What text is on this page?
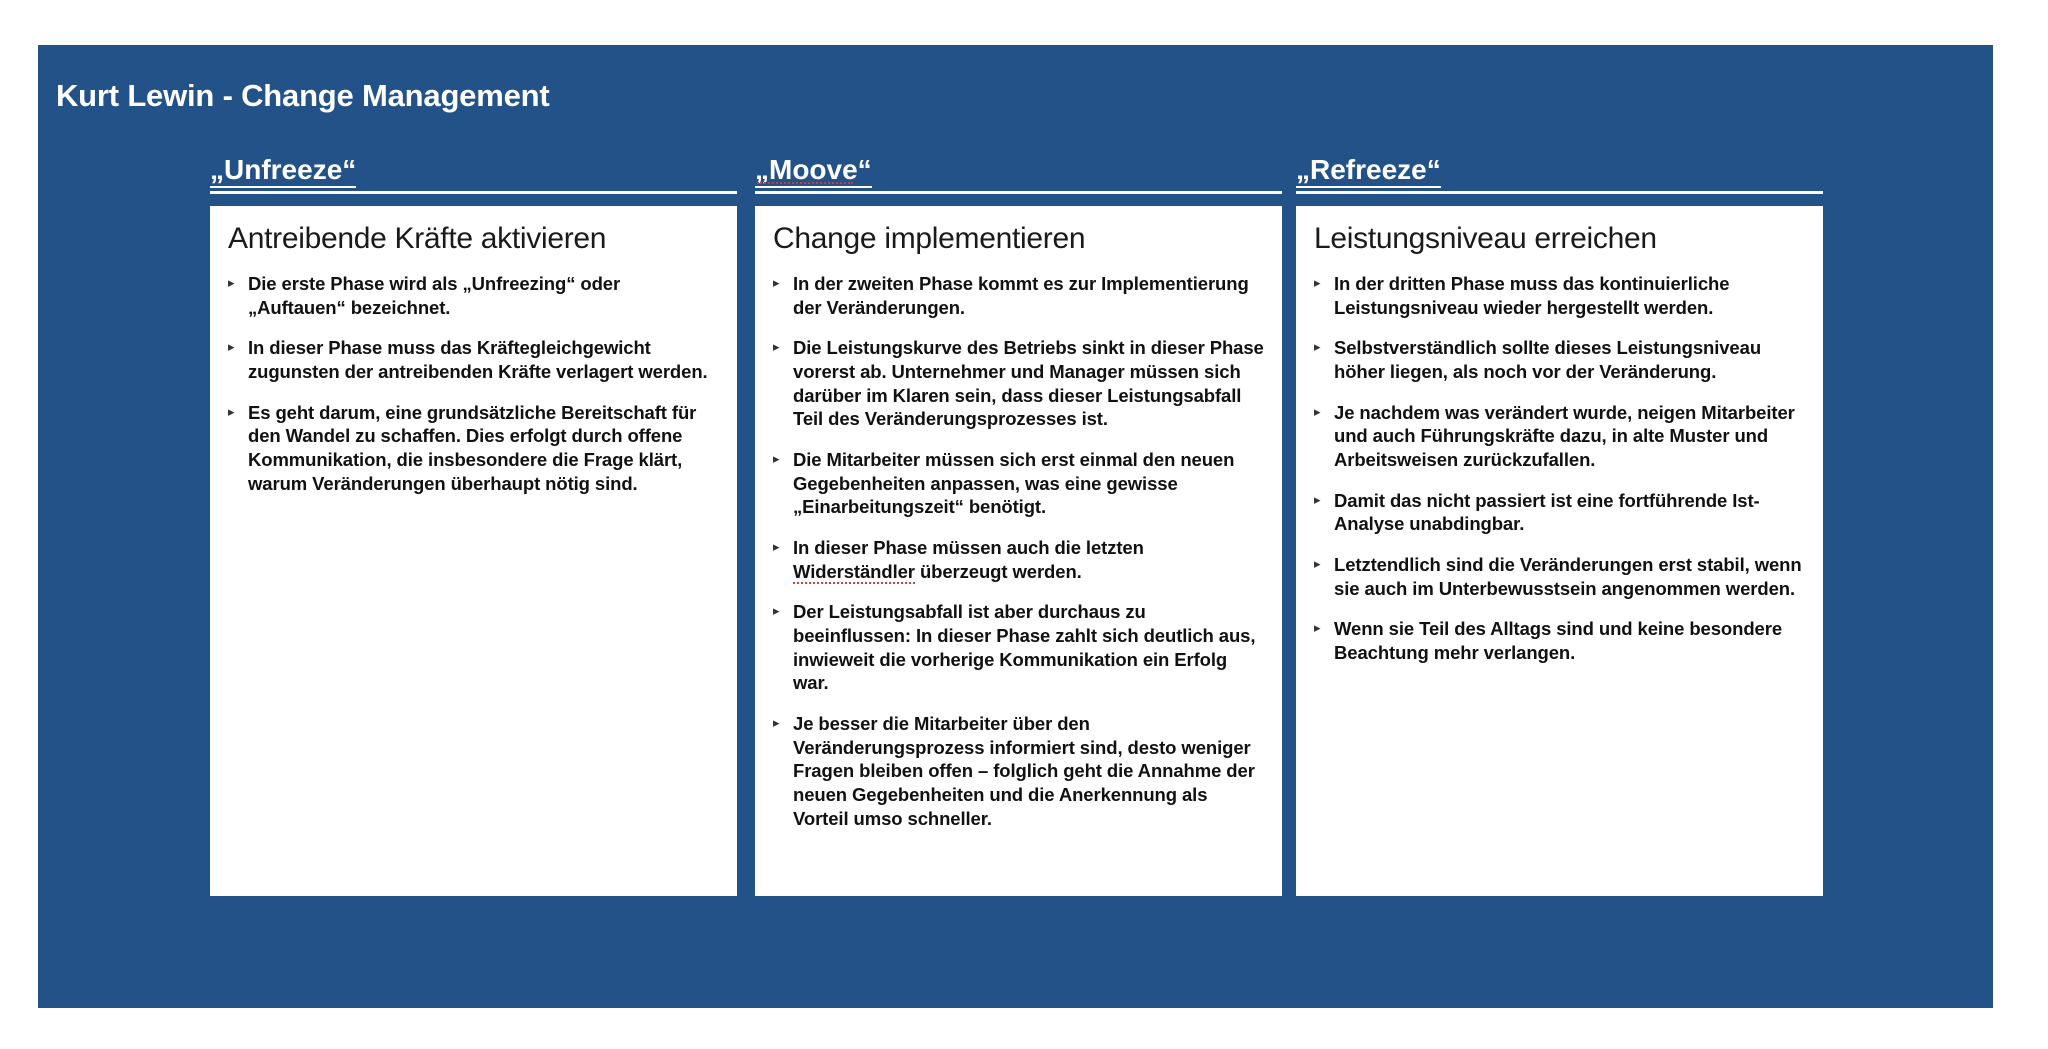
Kurt Lewin - Change Management
„Unfreeze“
Antreibende Kräfte aktivieren
▸ Die erste Phase wird als „Unfreezing“ oder „Auftauen“ bezeichnet.
▸ In dieser Phase muss das Kräftegleichgewicht zugunsten der antreibenden Kräfte verlagert werden.
▸ Es geht darum, eine grundsätzliche Bereitschaft für den Wandel zu schaffen. Dies erfolgt durch offene Kommunikation, die insbesondere die Frage klärt, warum Veränderungen überhaupt nötig sind.
„Moove“
Change implementieren
▸ In der zweiten Phase kommt es zur Implementierung der Veränderungen.
▸ Die Leistungskurve des Betriebs sinkt in dieser Phase vorerst ab. Unternehmer und Manager müssen sich darüber im Klaren sein, dass dieser Leistungsabfall Teil des Veränderungsprozesses ist.
▸ Die Mitarbeiter müssen sich erst einmal den neuen Gegebenheiten anpassen, was eine gewisse „Einarbeitungszeit“ benötigt.
▸ In dieser Phase müssen auch die letzten Widerständler überzeugt werden.
▸ Der Leistungsabfall ist aber durchaus zu beeinflussen: In dieser Phase zahlt sich deutlich aus, inwieweit die vorherige Kommunikation ein Erfolg war.
▸ Je besser die Mitarbeiter über den Veränderungsprozess informiert sind, desto weniger Fragen bleiben offen – folglich geht die Annahme der neuen Gegebenheiten und die Anerkennung als Vorteil umso schneller.
„Refreeze“
Leistungsniveau erreichen
▸ In der dritten Phase muss das kontinuierliche Leistungsniveau wieder hergestellt werden.
▸ Selbstverständlich sollte dieses Leistungsniveau höher liegen, als noch vor der Veränderung.
▸ Je nachdem was verändert wurde, neigen Mitarbeiter und auch Führungskräfte dazu, in alte Muster und Arbeitsweisen zurückzufallen.
▸ Damit das nicht passiert ist eine fortführende Ist-Analyse unabdingbar.
▸ Letztendlich sind die Veränderungen erst stabil, wenn sie auch im Unterbewusstsein angenommen werden.
▸ Wenn sie Teil des Alltags sind und keine besondere Beachtung mehr verlangen.
